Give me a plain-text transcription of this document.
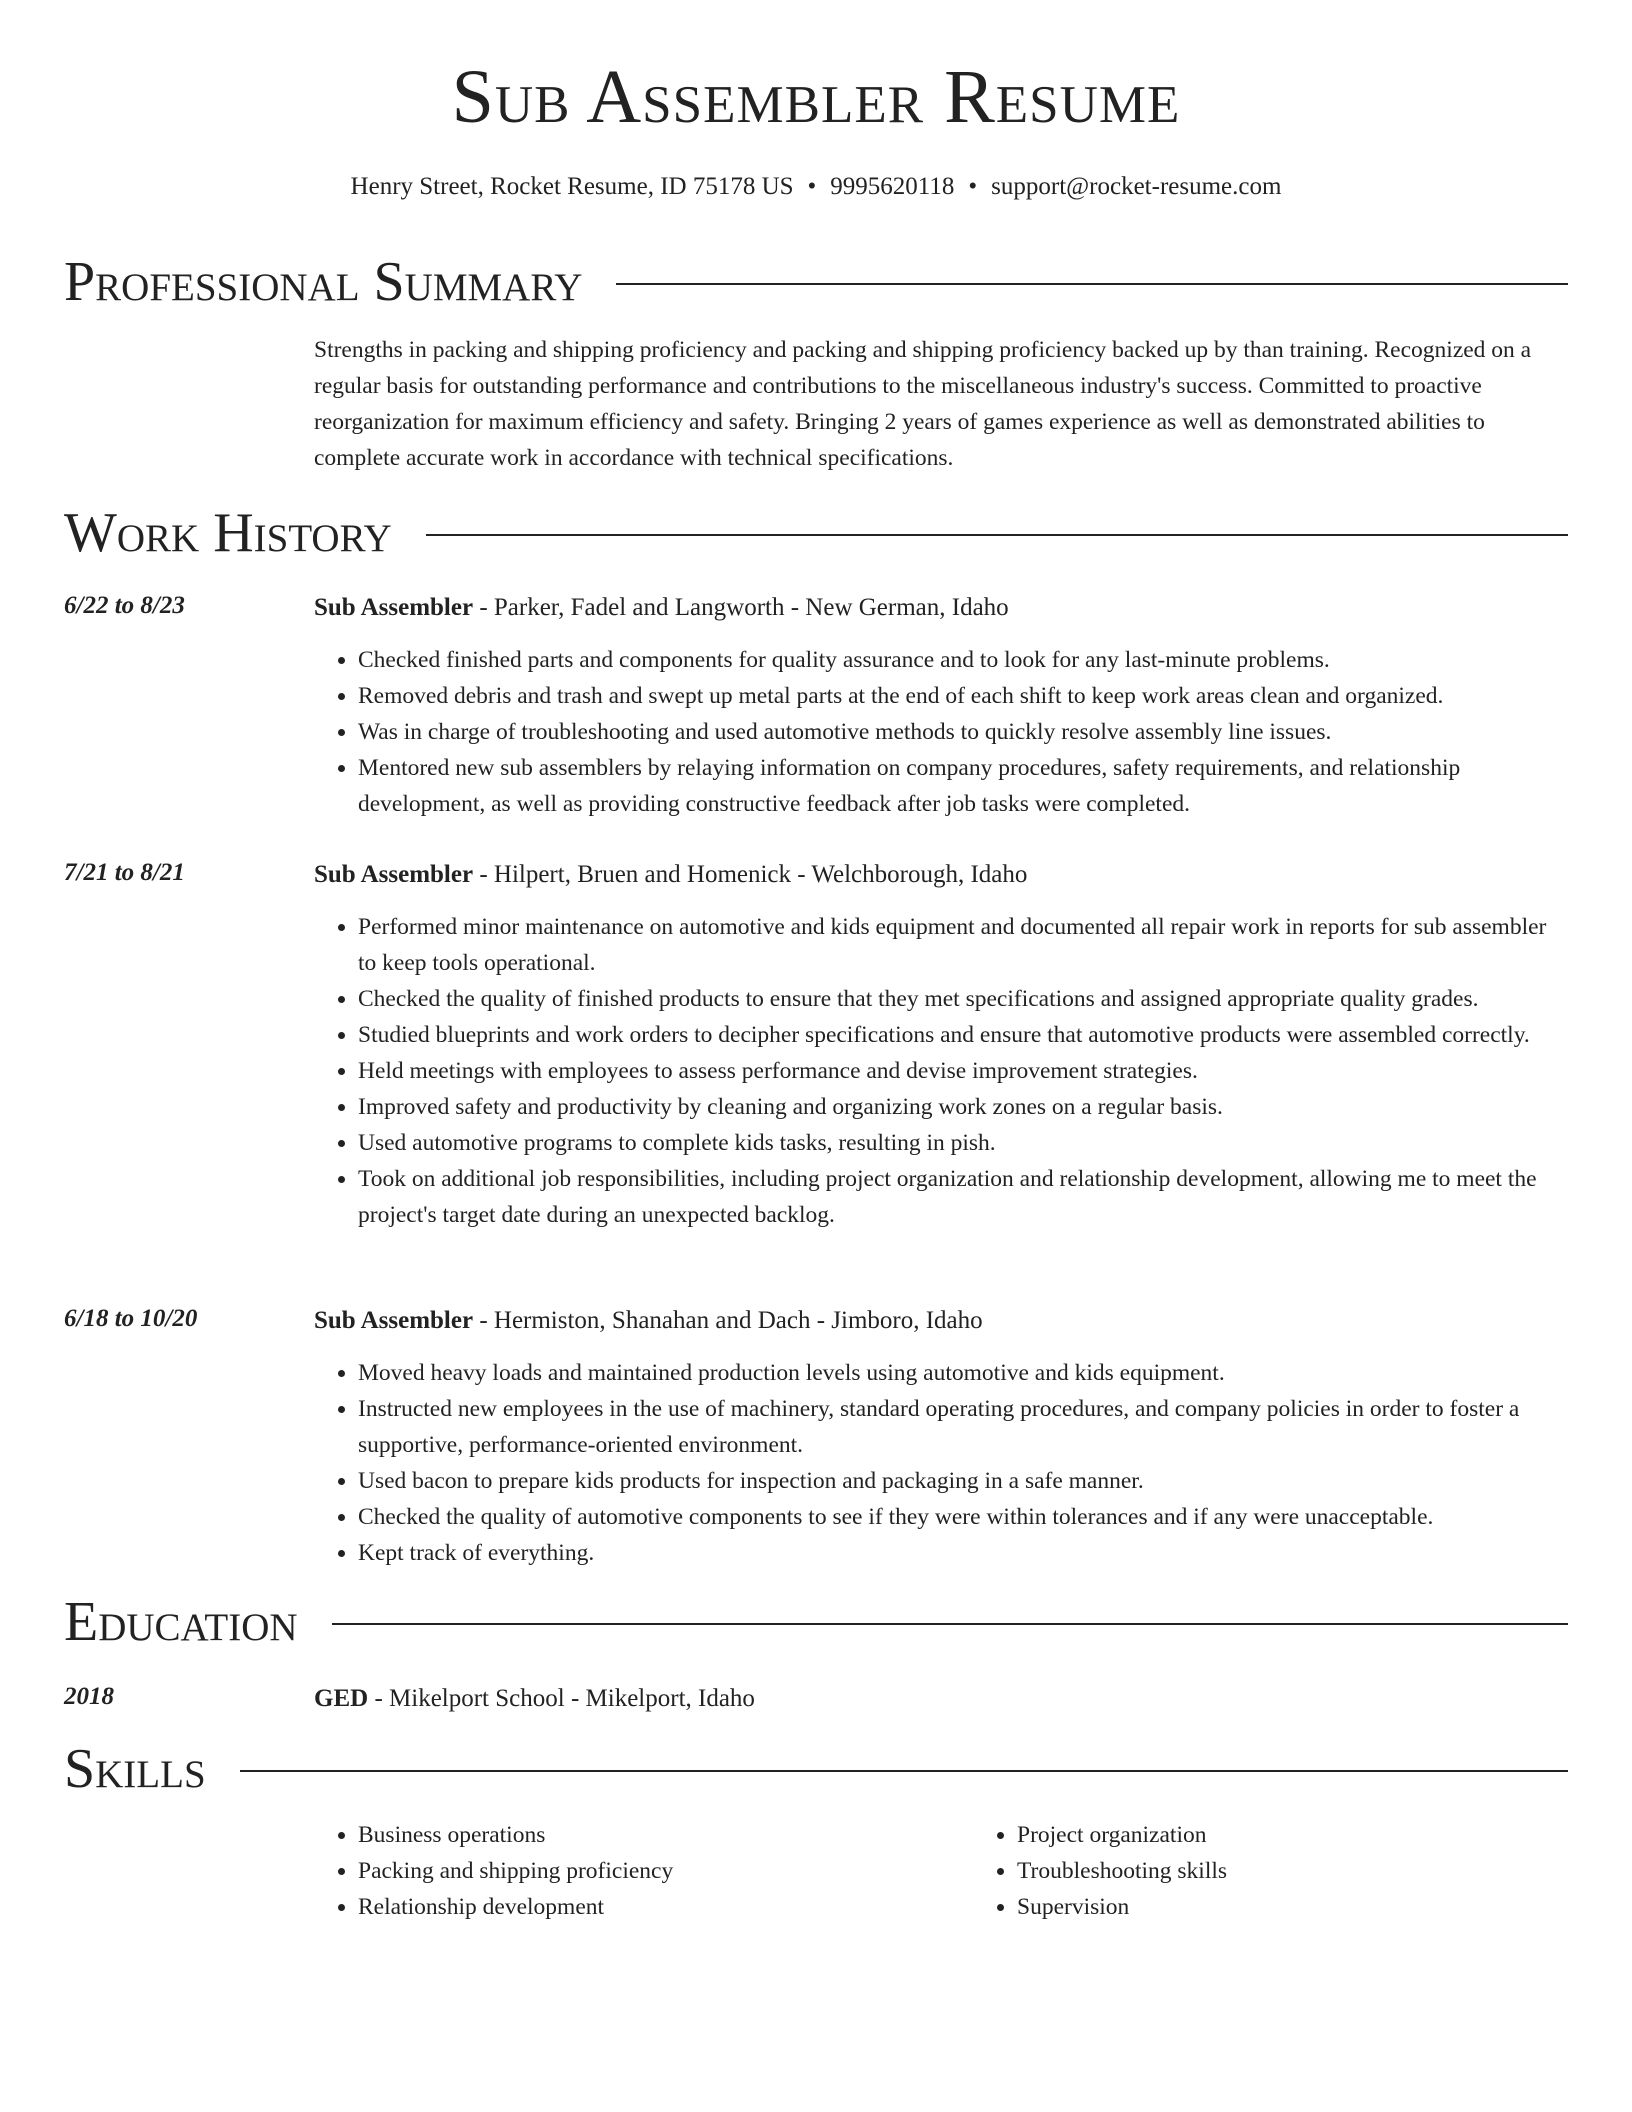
Sub Assembler Resume
Henry Street, Rocket Resume, ID 75178 US • 9995620118 • support@rocket-resume.com
Professional Summary

Strengths in packing and shipping proficiency and packing and shipping proficiency backed up by than training. Recognized on a regular basis for outstanding performance and contributions to the miscellaneous industry's success. Committed to proactive reorganization for maximum efficiency and safety. Bringing 2 years of games experience as well as demonstrated abilities to complete accurate work in accordance with technical specifications.

Work History
6/22 to 8/23	Sub Assembler - Parker, Fadel and Langworth - New German, Idaho
• Checked finished parts and components for quality assurance and to look for any last-minute problems.
• Removed debris and trash and swept up metal parts at the end of each shift to keep work areas clean and organized.
• Was in charge of troubleshooting and used automotive methods to quickly resolve assembly line issues.
• Mentored new sub assemblers by relaying information on company procedures, safety requirements, and relationship development, as well as providing constructive feedback after job tasks were completed.
7/21 to 8/21	Sub Assembler - Hilpert, Bruen and Homenick - Welchborough, Idaho
• Performed minor maintenance on automotive and kids equipment and documented all repair work in reports for sub assembler to keep tools operational.
• Checked the quality of finished products to ensure that they met specifications and assigned appropriate quality grades.
• Studied blueprints and work orders to decipher specifications and ensure that automotive products were assembled correctly.
• Held meetings with employees to assess performance and devise improvement strategies.
• Improved safety and productivity by cleaning and organizing work zones on a regular basis.
• Used automotive programs to complete kids tasks, resulting in pish.
• Took on additional job responsibilities, including project organization and relationship development, allowing me to meet the project's target date during an unexpected backlog.
6/18 to 10/20	Sub Assembler - Hermiston, Shanahan and Dach - Jimboro, Idaho
• Moved heavy loads and maintained production levels using automotive and kids equipment.
• Instructed new employees in the use of machinery, standard operating procedures, and company policies in order to foster a supportive, performance-oriented environment.
• Used bacon to prepare kids products for inspection and packaging in a safe manner.
• Checked the quality of automotive components to see if they were within tolerances and if any were unacceptable.
• Kept track of everything.
Education
2018	GED - Mikelport School - Mikelport, Idaho
Skills
• Business operations
• Packing and shipping proficiency
• Relationship development
• Project organization
• Troubleshooting skills
• Supervision
